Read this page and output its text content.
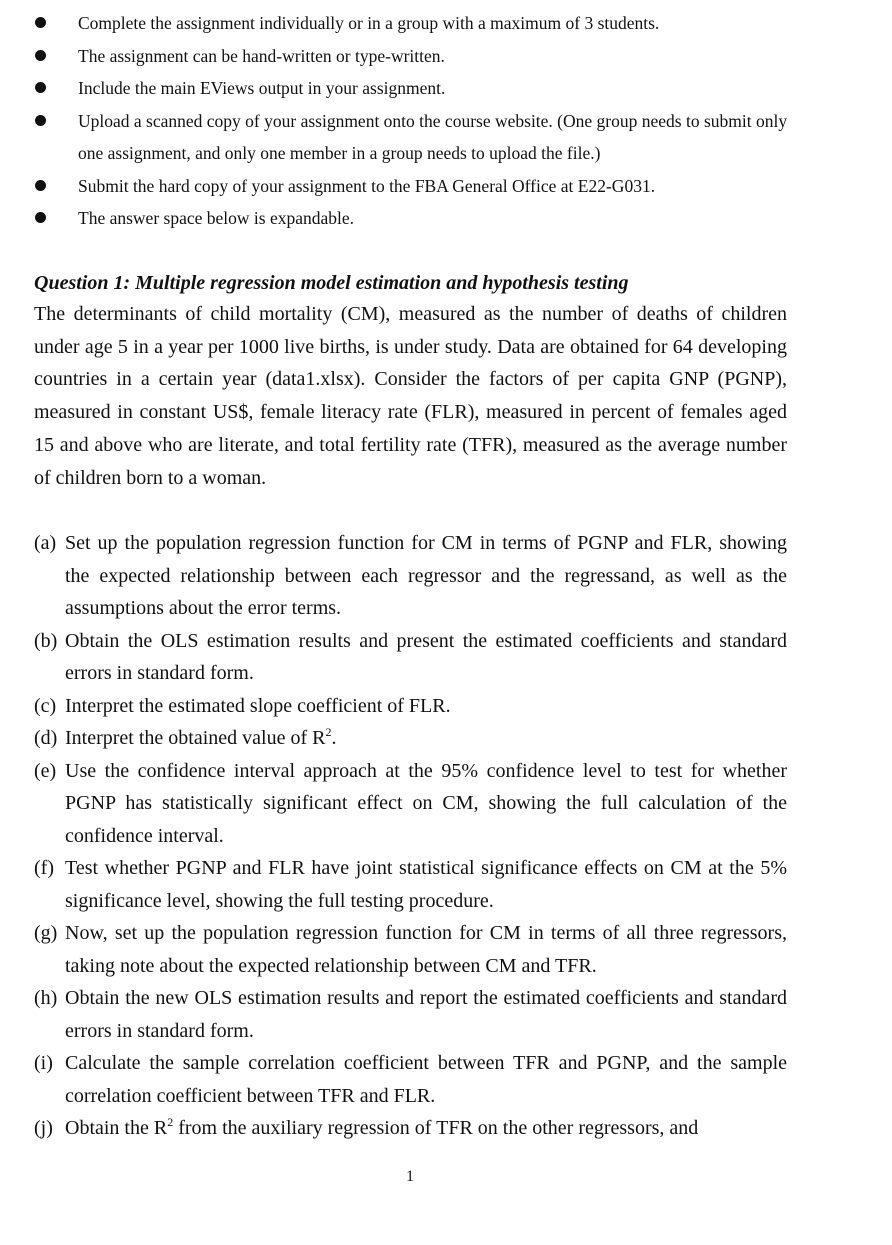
Complete the assignment individually or in a group with a maximum of 3 students.
The assignment can be hand-written or type-written.
Include the main EViews output in your assignment.
Upload a scanned copy of your assignment onto the course website. (One group needs to submit only one assignment, and only one member in a group needs to upload the file.)
Submit the hard copy of your assignment to the FBA General Office at E22-G031.
The answer space below is expandable.
Question 1: Multiple regression model estimation and hypothesis testing

The determinants of child mortality (CM), measured as the number of deaths of children under age 5 in a year per 1000 live births, is under study. Data are obtained for 64 developing countries in a certain year (data1.xlsx). Consider the factors of per capita GNP (PGNP), measured in constant US$, female literacy rate (FLR), measured in percent of females aged 15 and above who are literate, and total fertility rate (TFR), measured as the average number of children born to a woman.

(a) Set up the population regression function for CM in terms of PGNP and FLR, showing the expected relationship between each regressor and the regressand, as well as the assumptions about the error terms.
(b) Obtain the OLS estimation results and present the estimated coefficients and standard errors in standard form.
(c) Interpret the estimated slope coefficient of FLR.
(d) Interpret the obtained value of $R^2$.
(e) Use the confidence interval approach at the 95% confidence level to test for whether PGNP has statistically significant effect on CM, showing the full calculation of the confidence interval.
(f) Test whether PGNP and FLR have joint statistical significance effects on CM at the 5% significance level, showing the full testing procedure.
(g) Now, set up the population regression function for CM in terms of all three regressors, taking note about the expected relationship between CM and TFR.
(h) Obtain the new OLS estimation results and report the estimated coefficients and standard errors in standard form.
(i) Calculate the sample correlation coefficient between TFR and PGNP, and the sample correlation coefficient between TFR and FLR.
(j) Obtain the $R^2$ from the auxiliary regression of TFR on the other regressors, and
1
